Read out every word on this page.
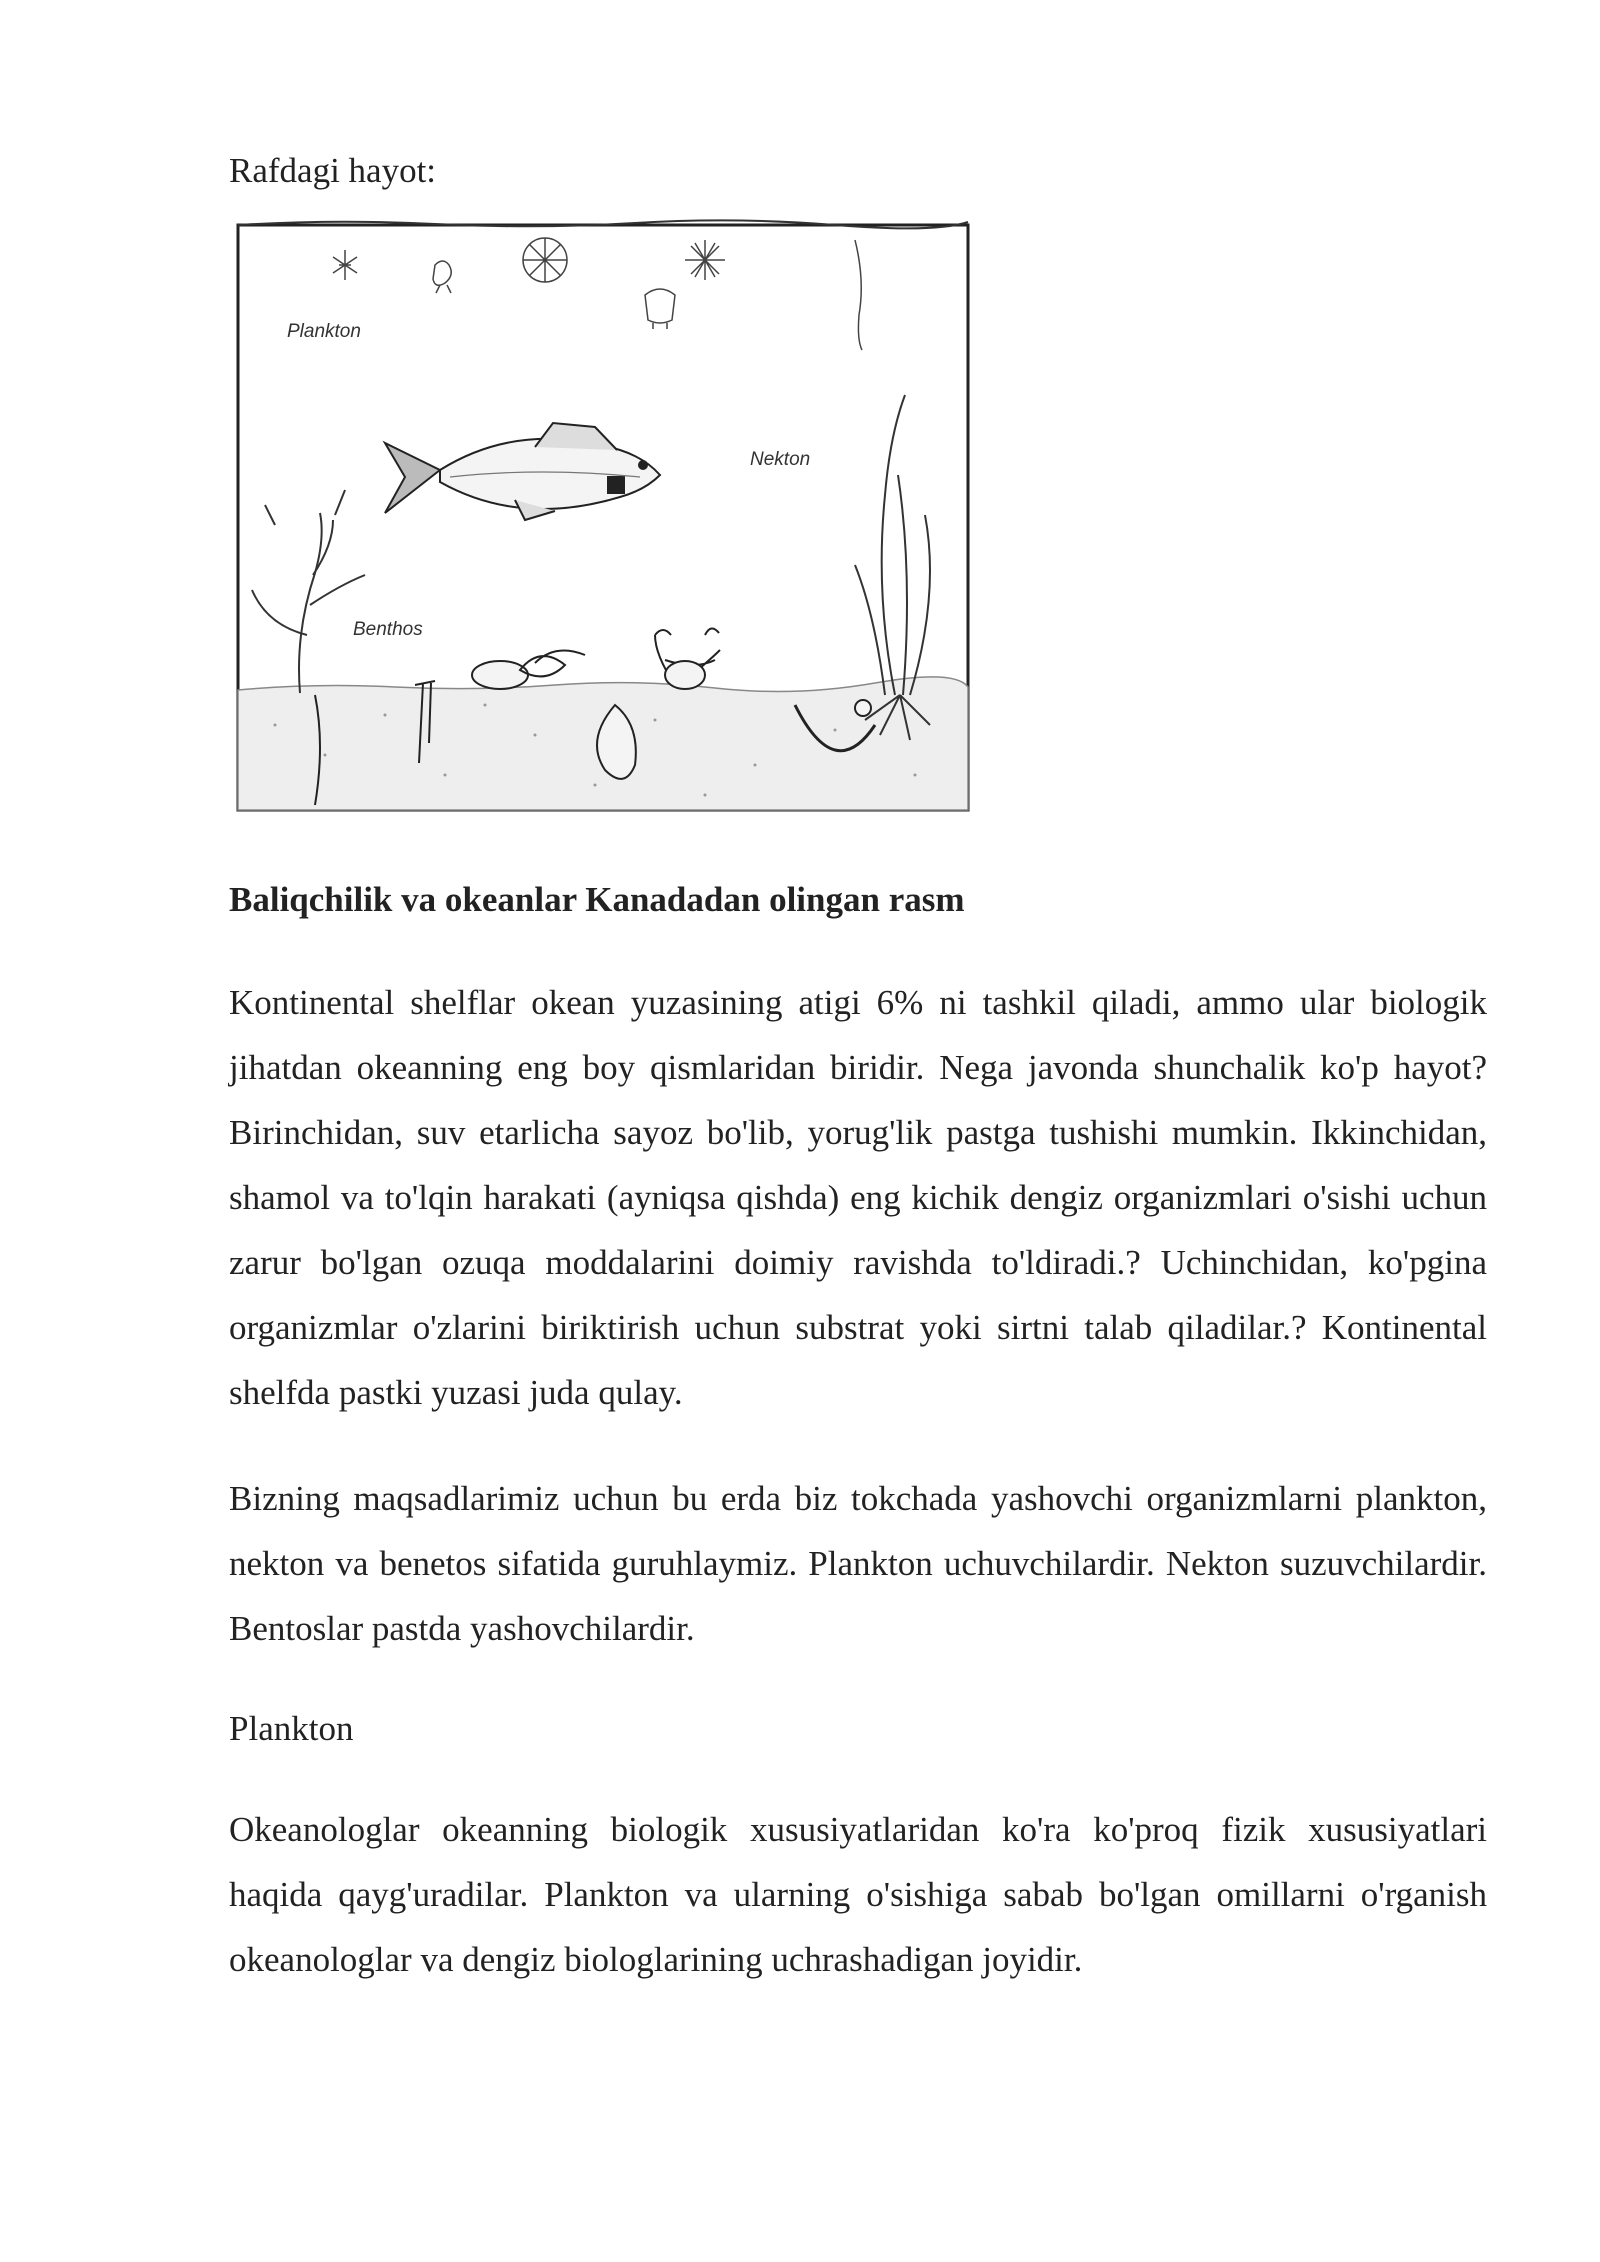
Rafdagi hayot:
Plankton
Nekton
Benthos
Baliqchilik va okeanlar Kanadadan olingan rasm

Kontinental shelflar okean yuzasining atigi 6% ni tashkil qiladi, ammo ular biologik jihatdan okeanning eng boy qismlaridan biridir. Nega javonda shunchalik ko'p hayot? Birinchidan, suv etarlicha sayoz bo'lib, yorug'lik pastga tushishi mumkin. Ikkinchidan, shamol va to'lqin harakati (ayniqsa qishda) eng kichik dengiz organizmlari o'sishi uchun zarur bo'lgan ozuqa moddalarini doimiy ravishda to'ldiradi.? Uchinchidan, ko'pgina organizmlar o'zlarini biriktirish uchun substrat yoki sirtni talab qiladilar.? Kontinental shelfda pastki yuzasi juda qulay.

Bizning maqsadlarimiz uchun bu erda biz tokchada yashovchi organizmlarni plankton, nekton va benetos sifatida guruhlaymiz. Plankton uchuvchilardir. Nekton suzuvchilardir. Bentoslar pastda yashovchilardir.

Plankton

Okeanologlar okeanning biologik xususiyatlaridan ko'ra ko'proq fizik xususiyatlari haqida qayg'uradilar. Plankton va ularning o'sishiga sabab bo'lgan omillarni o'rganish okeanologlar va dengiz biologlarining uchrashadigan joyidir.
